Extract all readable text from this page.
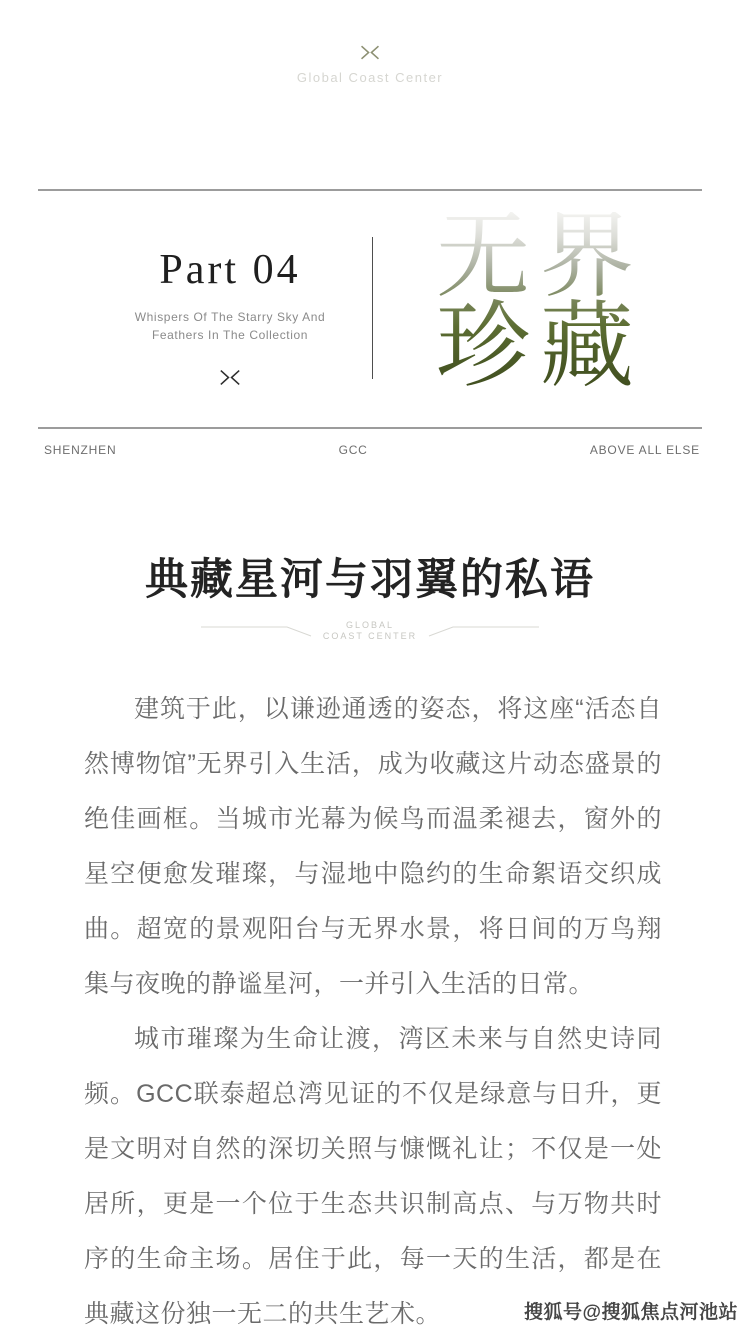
Global Coast Center
Part 04
Whispers Of The Starry Sky And
Feathers In The Collection
无界
珍藏
SHENZHEN	GCC	ABOVE ALL ELSE
典藏星河与羽翼的私语
GLOBAL
COAST CENTER

建筑于此，以谦逊通透的姿态，将这座“活态自然博物馆”无界引入生活，成为收藏这片动态盛景的绝佳画框。当城市光幕为候鸟而温柔褪去，窗外的星空便愈发璀璨，与湿地中隐约的生命絮语交织成曲。超宽的景观阳台与无界水景，将日间的万鸟翔集与夜晚的静谧星河，一并引入生活的日常。

城市璀璨为生命让渡，湾区未来与自然史诗同频。GCC联泰超总湾见证的不仅是绿意与日升，更是文明对自然的深切关照与慷慨礼让；不仅是一处居所，更是一个位于生态共识制高点、与万物共时序的生命主场。居住于此，每一天的生活，都是在典藏这份独一无二的共生艺术。	搜狐号@搜狐焦点河池站
